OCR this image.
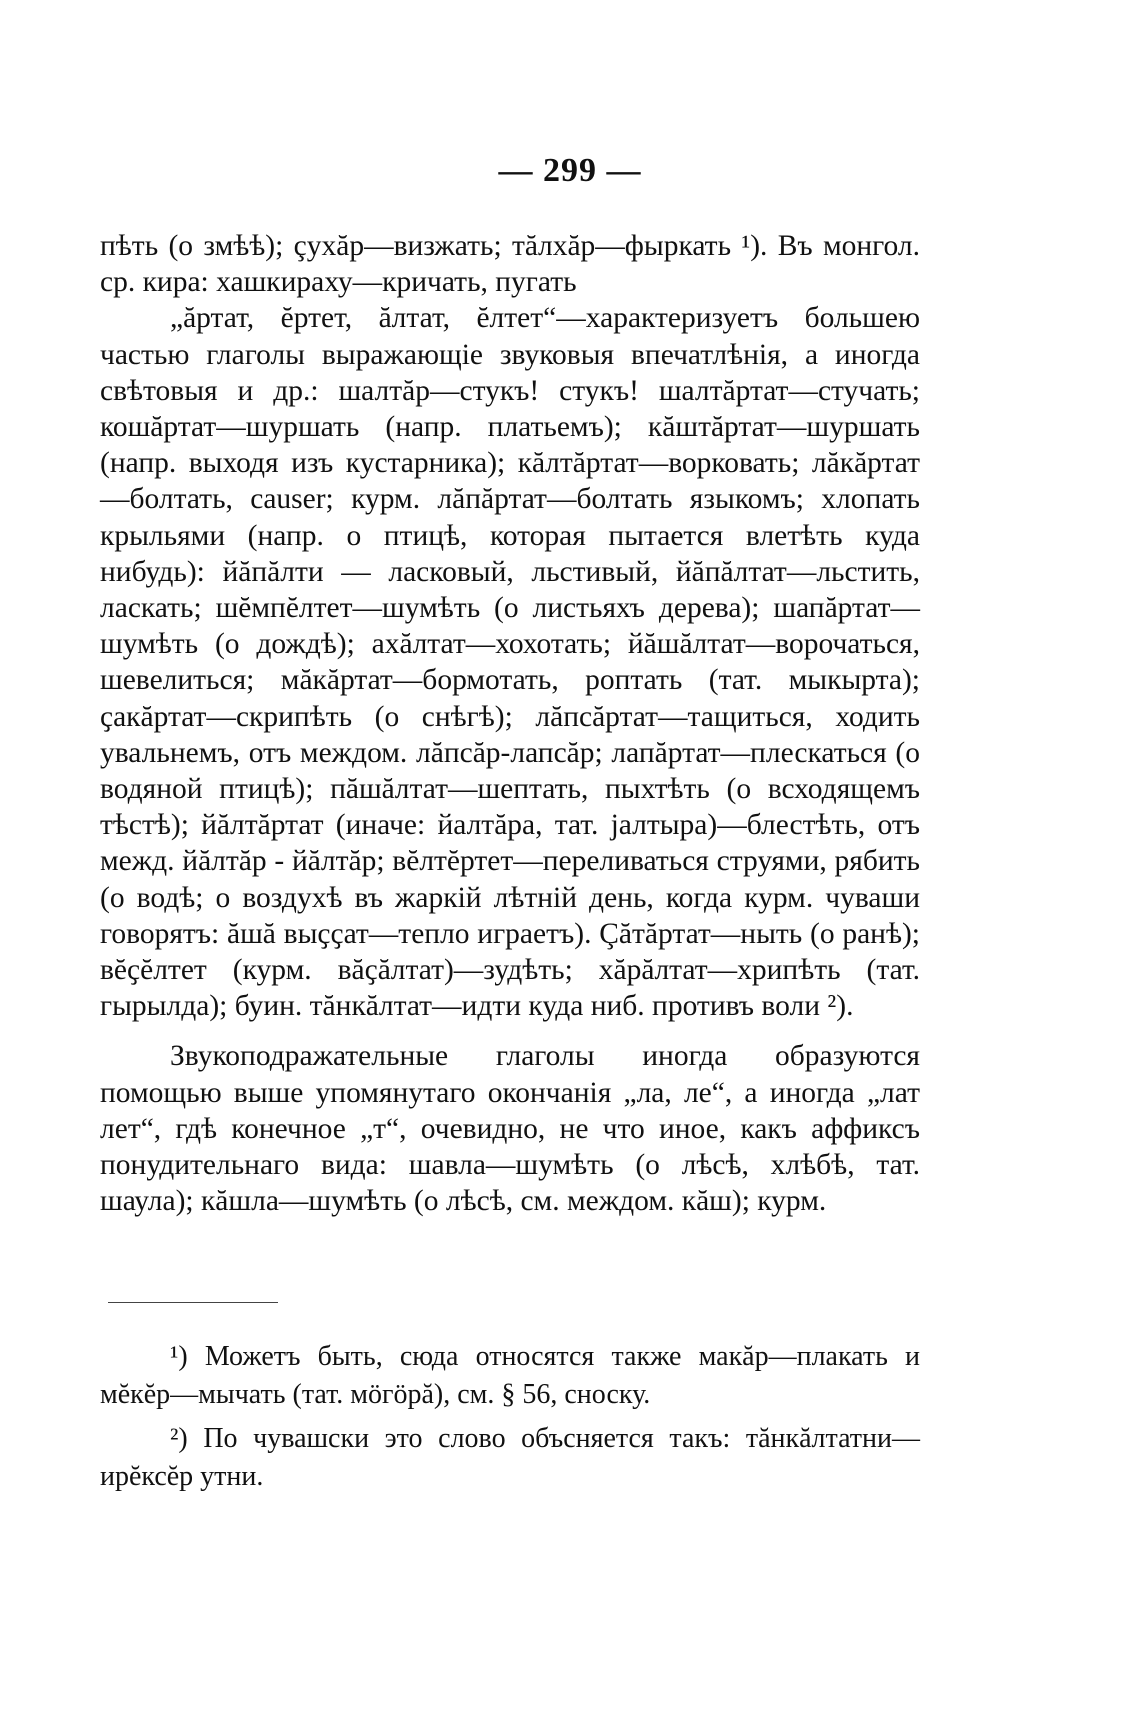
— 299 —

пѣть (о змѣѣ); çухăр—визжать; тăлхăр—фыркать ¹). Въ монгол. ср. кира: хашкираху—кричать, пугать

„ăртат, ĕртет, ăлтат, ĕлтет“—характеризуетъ большею частью глаголы выражающіе звуковыя впечатлѣнія, а иногда свѣтовыя и др.: шалтăр—стукъ! стукъ! шалтăртат—стучать; кошăртат—шуршать (напр. платьемъ); кăштăртат—шуршать (напр. выходя изъ кустарника); кăлтăртат—ворковать; лăкăртат—болтать, causer; курм. лăпăртат—болтать языкомъ; хлопать крыльями (напр. о птицѣ, которая пытается влетѣть куда нибудь): йăпăлти — ласковый, льстивый, йăпăлтат—льстить, ласкать; шĕмпĕлтет—шумѣть (о листьяхъ дерева); шапăртат—шумѣть (о дождѣ); ахăлтат—хохотать; йăшăлтат—ворочаться, шевелиться; мăкăртат—бормотать, роптать (тат. мыкырта); ҫакăртат—скрипѣть (о снѣгѣ); лăпсăртат—тащиться, ходить увальнемъ, отъ междом. лăпсăр-лапсăр; лапăртат—плескаться (о водяной птицѣ); пăшăлтат—шептать, пыхтѣть (о всходящемъ тѣстѣ); йăлтăртат (иначе: йалтăра, тат. јалтыра)—блестѣть, отъ межд. йăлтăр - йăлтăр; вĕлтĕртет—переливаться струями, рябить (о водѣ; о воздухѣ въ жаркій лѣтній день, когда курм. чуваши говорятъ: ăшă выҫҫат—тепло играетъ). Çăтăртат—ныть (о ранѣ); вĕҫĕлтет (курм. вăҫăлтат)—зудѣть; хăрăлтат—хрипѣть (тат. гырылда); буин. тăнкăлтат—идти куда ниб. противъ воли ²).

Звукоподражательные глаголы иногда образуются помощью выше упомянутаго окончанія „ла, ле“, а иногда „лат лет“, гдѣ конечное „т“, очевидно, не что иное, какъ аффиксъ понудительнаго вида: шавла—шумѣть (о лѣсѣ, хлѣбѣ, тат. шаула); кăшла—шумѣть (о лѣсѣ, см. междом. кăш); курм.

¹) Можетъ быть, сюда относятся также макăр—плакать и мĕкĕр—мычать (тат. мӧгӧрă), см. § 56, сноску.

²) По чувашски это слово объсняется такъ: тăнкăлтатни—ирĕксĕр утни.
